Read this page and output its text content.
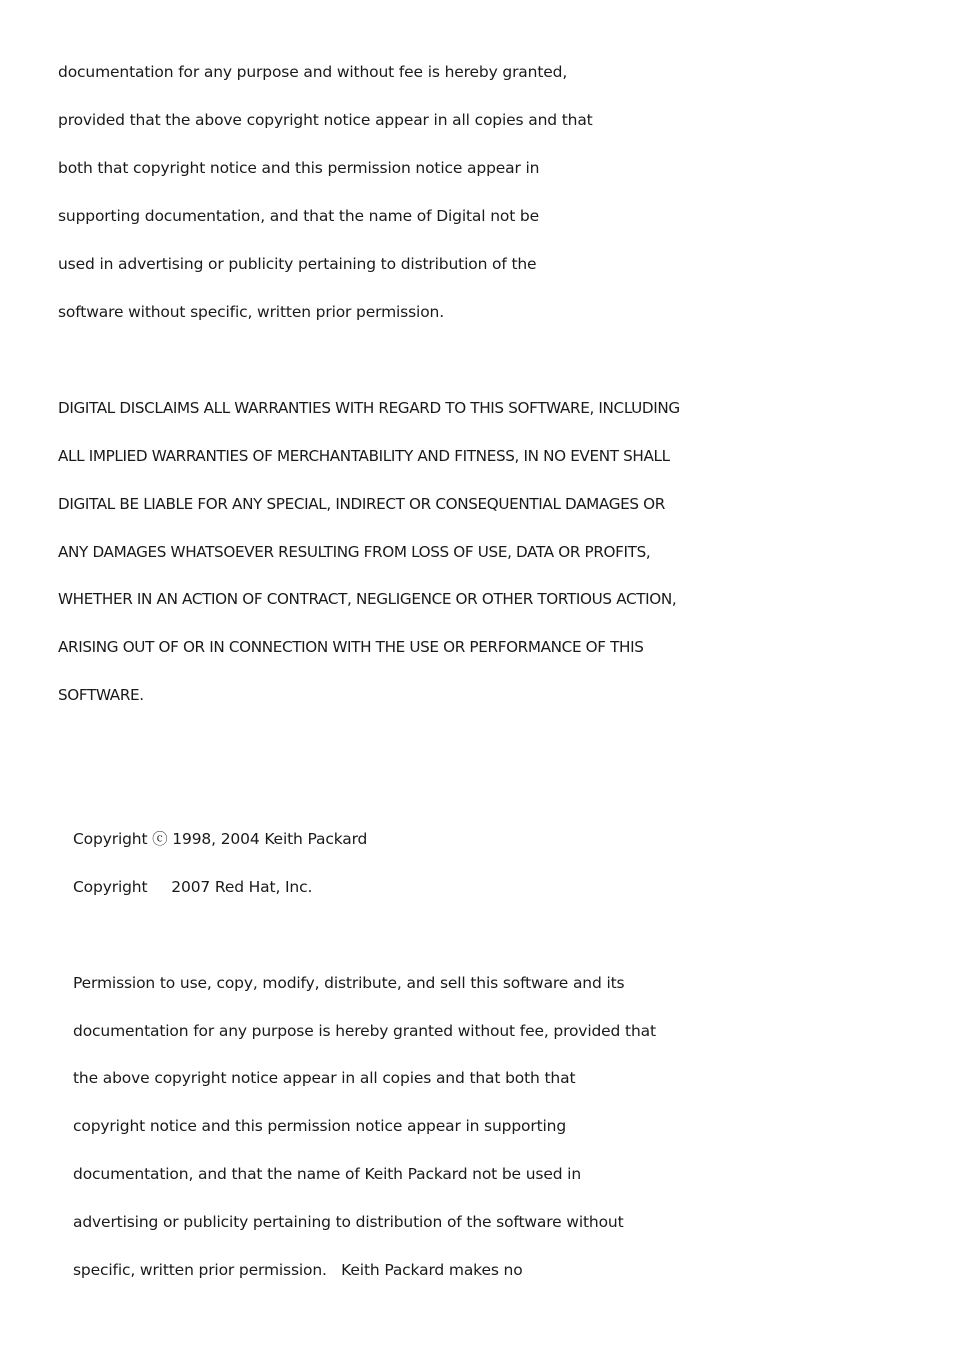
documentation for any purpose and without fee is hereby granted,
provided that the above copyright notice appear in all copies and that
both that copyright notice and this permission notice appear in
supporting documentation, and that the name of Digital not be
used in advertising or publicity pertaining to distribution of the
software without specific, written prior permission.
DIGITAL DISCLAIMS ALL WARRANTIES WITH REGARD TO THIS SOFTWARE, INCLUDING
ALL IMPLIED WARRANTIES OF MERCHANTABILITY AND FITNESS, IN NO EVENT SHALL
DIGITAL BE LIABLE FOR ANY SPECIAL, INDIRECT OR CONSEQUENTIAL DAMAGES OR
ANY DAMAGES WHATSOEVER RESULTING FROM LOSS OF USE, DATA OR PROFITS,
WHETHER IN AN ACTION OF CONTRACT, NEGLIGENCE OR OTHER TORTIOUS ACTION,
ARISING OUT OF OR IN CONNECTION WITH THE USE OR PERFORMANCE OF THIS
SOFTWARE.
Copyright ⓒ 1998, 2004 Keith Packard
Copyright     2007 Red Hat, Inc.
Permission to use, copy, modify, distribute, and sell this software and its
documentation for any purpose is hereby granted without fee, provided that
the above copyright notice appear in all copies and that both that
copyright notice and this permission notice appear in supporting
documentation, and that the name of Keith Packard not be used in
advertising or publicity pertaining to distribution of the software without
specific, written prior permission.   Keith Packard makes no
